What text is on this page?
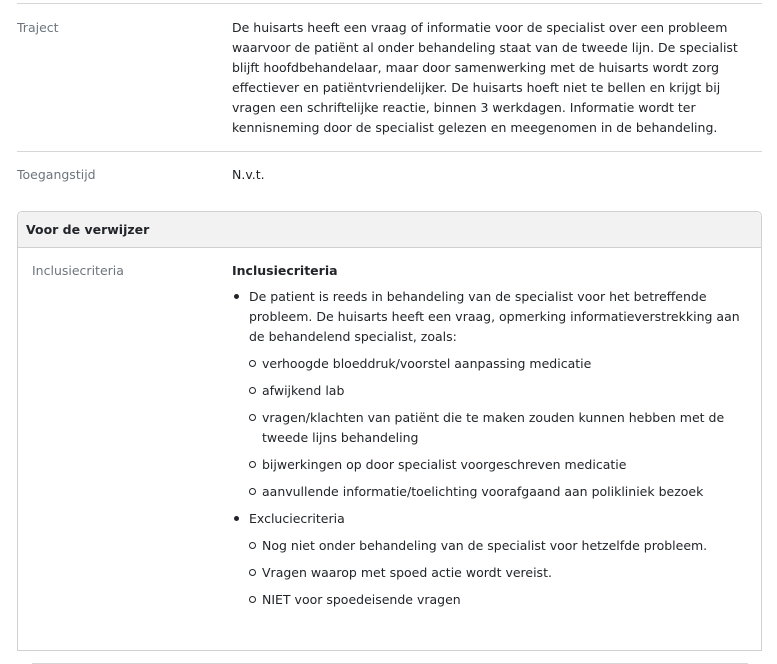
Traject	De huisarts heeft een vraag of informatie voor de specialist over een probleem waarvoor de patiënt al onder behandeling staat van de tweede lijn. De specialist blijft hoofdbehandelaar, maar door samenwerking met de huisarts wordt zorg effectiever en patiëntvriendelijker. De huisarts hoeft niet te bellen en krijgt bij vragen een schriftelijke reactie, binnen 3 werkdagen. Informatie wordt ter kennisneming door de specialist gelezen en meegenomen in de behandeling.
Toegangstijd	N.v.t.
Voor de verwijzer
Inclusiecriteria	Inclusiecriteria
De patient is reeds in behandeling van de specialist voor het betreffende probleem. De huisarts heeft een vraag, opmerking informatieverstrekking aan de behandelend specialist, zoals:
verhoogde bloeddruk/voorstel aanpassing medicatie
afwijkend lab
vragen/klachten van patiënt die te maken zouden kunnen hebben met de tweede lijns behandeling
bijwerkingen op door specialist voorgeschreven medicatie
aanvullende informatie/toelichting voorafgaand aan polikliniek bezoek
Excluciecriteria
Nog niet onder behandeling van de specialist voor hetzelfde probleem.
Vragen waarop met spoed actie wordt vereist.
NIET voor spoedeisende vragen
